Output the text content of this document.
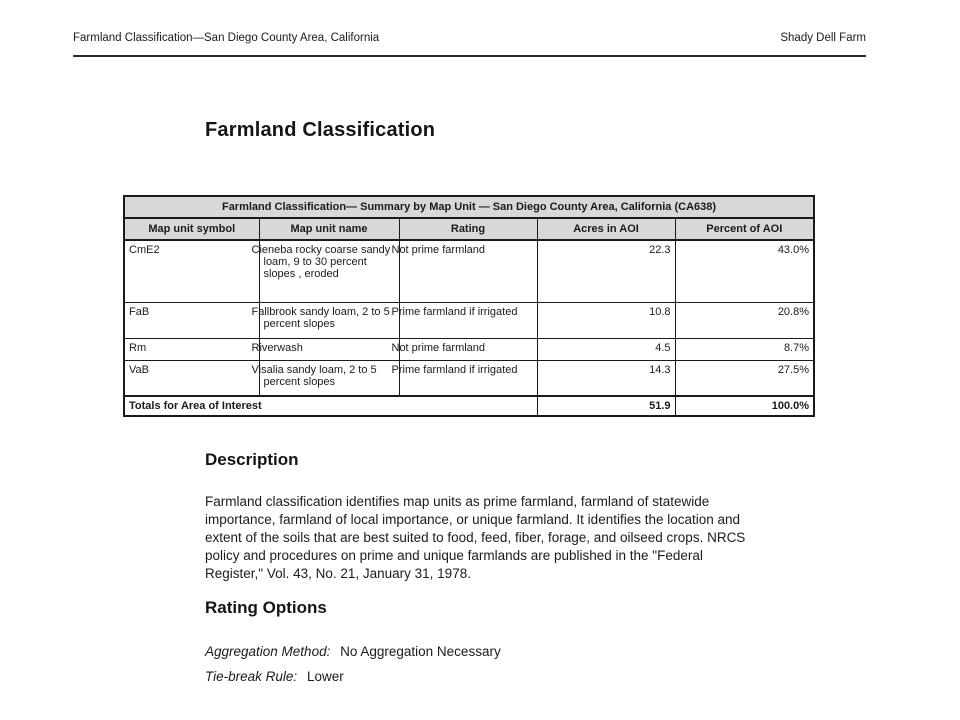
Farmland Classification—San Diego County Area, California	Shady Dell Farm
Farmland Classification
Farmland Classification— Summary by Map Unit — San Diego County Area, California (CA638)				
Map unit symbol	Map unit name	Rating	Acres in AOI	Percent of AOI
CmE2	Cieneba rocky coarse sandy loam, 9 to 30 percent slopes , eroded	Not prime farmland	22.3	43.0%
FaB	Fallbrook sandy loam, 2 to 5 percent slopes	Prime farmland if irrigated	10.8	20.8%
Rm	Riverwash	Not prime farmland	4.5	8.7%
VaB	Visalia sandy loam, 2 to 5 percent slopes	Prime farmland if irrigated	14.3	27.5%
Totals for Area of Interest			51.9	100.0%
Description
Farmland classification identifies map units as prime farmland, farmland of statewide importance, farmland of local importance, or unique farmland. It identifies the location and extent of the soils that are best suited to food, feed, fiber, forage, and oilseed crops. NRCS policy and procedures on prime and unique farmlands are published in the "Federal Register," Vol. 43, No. 21, January 31, 1978.
Rating Options
Aggregation Method: No Aggregation Necessary
Tie-break Rule: Lower
